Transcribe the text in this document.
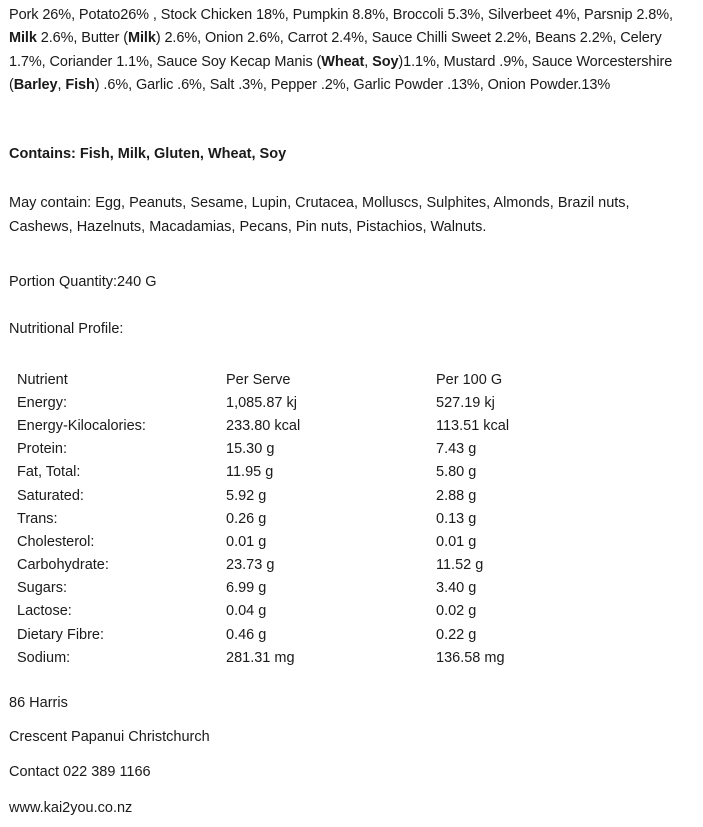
Pork 26%, Potato26% , Stock Chicken 18%, Pumpkin 8.8%, Broccoli 5.3%, Silverbeet 4%, Parsnip 2.8%, Milk 2.6%, Butter (Milk) 2.6%, Onion 2.6%, Carrot 2.4%, Sauce Chilli Sweet 2.2%, Beans 2.2%, Celery 1.7%, Coriander 1.1%, Sauce Soy Kecap Manis (Wheat, Soy)1.1%, Mustard .9%, Sauce Worcestershire (Barley, Fish) .6%, Garlic .6%, Salt .3%, Pepper .2%, Garlic Powder .13%, Onion Powder.13%

Contains: Fish, Milk, Gluten, Wheat, Soy

May contain: Egg, Peanuts, Sesame, Lupin, Crutacea, Molluscs, Sulphites, Almonds, Brazil nuts, Cashews, Hazelnuts, Macadamias, Pecans, Pin nuts, Pistachios, Walnuts.

Portion Quantity:240 G

Nutritional Profile:

Nutrient	Per Serve	Per 100 G
Energy:	1,085.87 kj	527.19 kj
Energy-Kilocalories:	233.80 kcal	113.51 kcal
Protein:	15.30 g	7.43 g
Fat, Total:	11.95 g	5.80 g
Saturated:	5.92 g	2.88 g
Trans:	0.26 g	0.13 g
Cholesterol:	0.01 g	0.01 g
Carbohydrate:	23.73 g	11.52 g
Sugars:	6.99 g	3.40 g
Lactose:	0.04 g	0.02 g
Dietary Fibre:	0.46 g	0.22 g
Sodium:	281.31 mg	136.58 mg

86 Harris

Crescent Papanui Christchurch

Contact 022 389 1166

www.kai2you.co.nz
